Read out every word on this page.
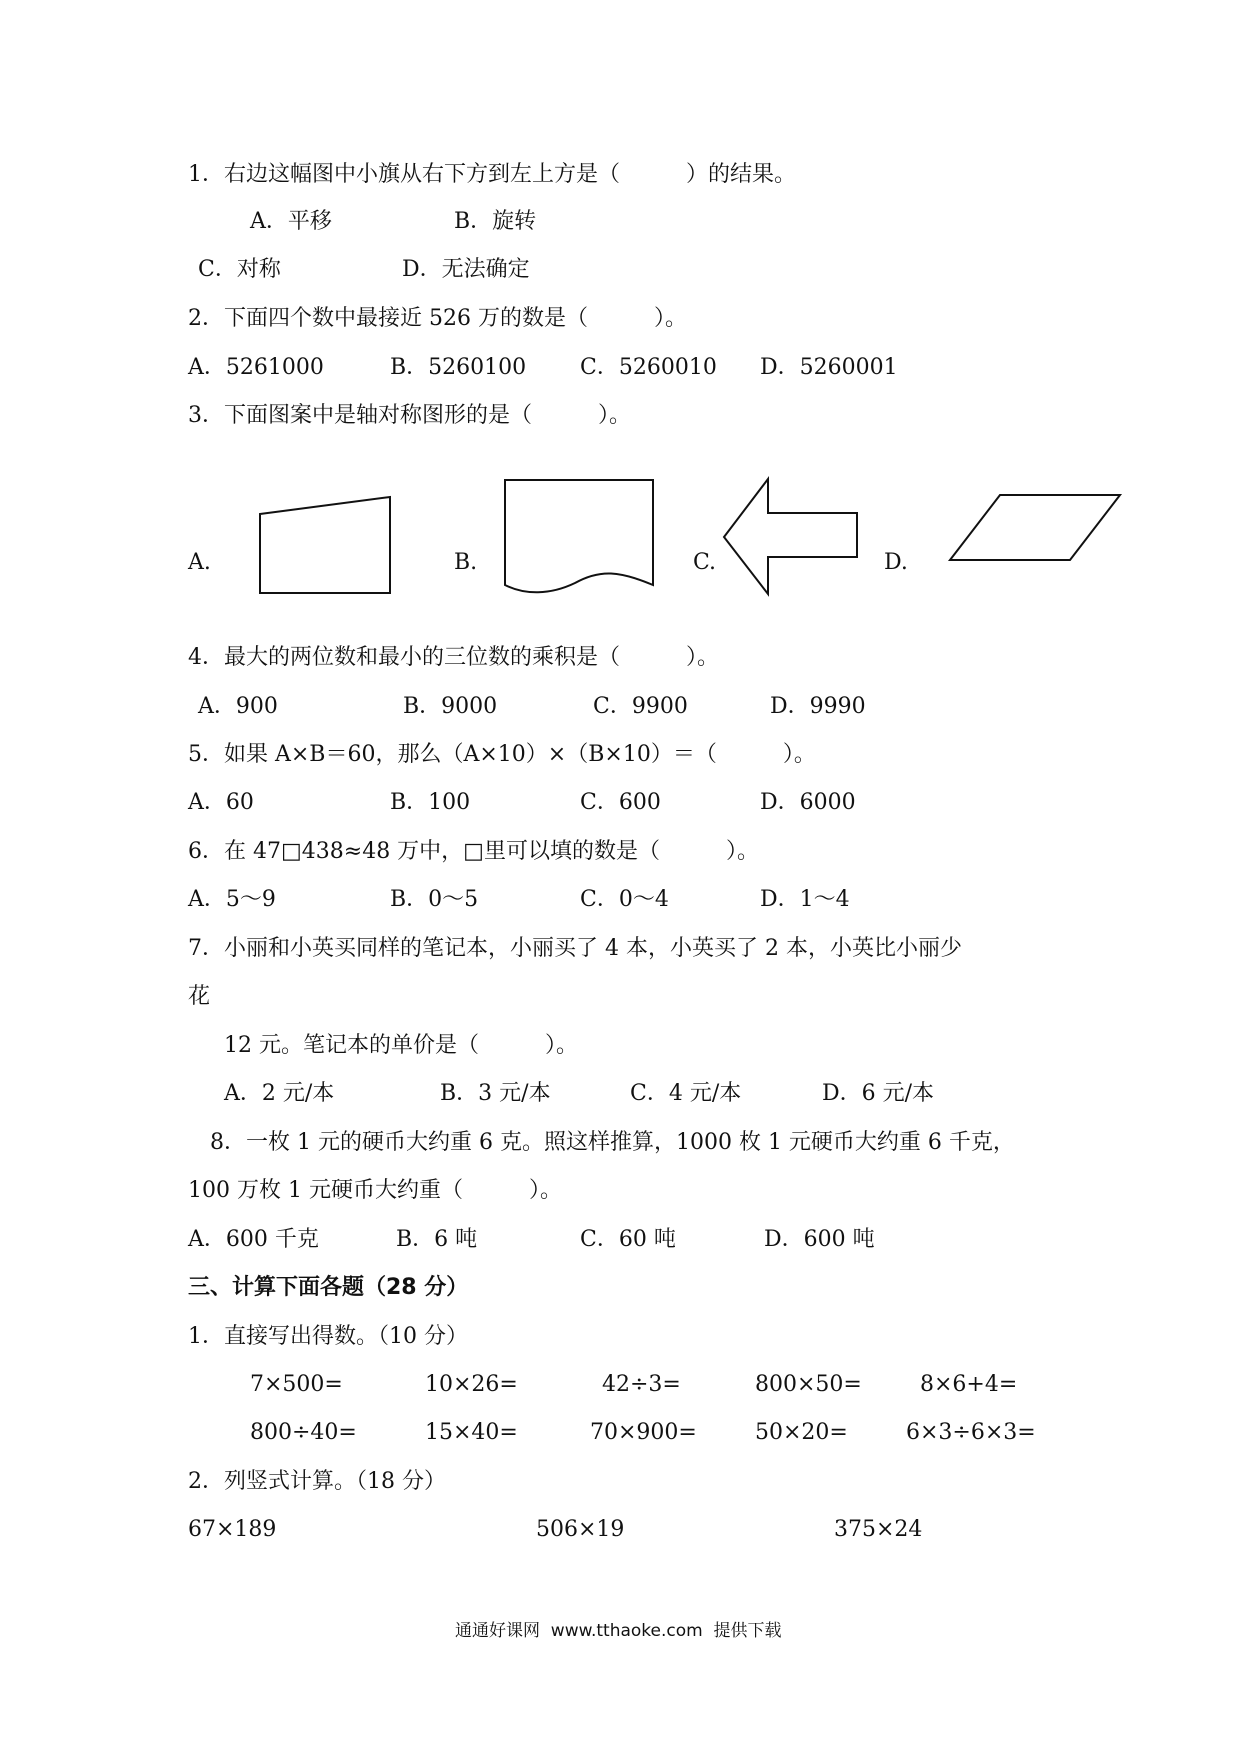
1．右边这幅图中小旗从右下方到左上方是（　　　）的结果。
A．平移	B．旋转
C．对称	D．无法确定
2．下面四个数中最接近 526 万的数是（　　　）。
A．5261000	B．5260100 C．5260010 D．5260001
3．下面图案中是轴对称图形的是（　　　）。
A.	B.	C.	D.
4．最大的两位数和最小的三位数的乘积是（　　　）。
A．900	B．9000	C．9900	D．9990
5．如果 A×B＝60，那么（A×10）×（B×10）＝（　　　）。
A．60	B．100	C．600	D．6000
6．在 47□438≈48 万中，□里可以填的数是（　　　）。
A．5～9	B．0～5	C．0～4	D．1～4
7．小丽和小英买同样的笔记本，小丽买了 4 本，小英买了 2 本，小英比小丽少
花
12 元。笔记本的单价是（　　　）。
A．2 元/本	B．3 元/本	C．4 元/本	D．6 元/本
8．一枚 1 元的硬币大约重 6 克。照这样推算，1000 枚 1 元硬币大约重 6 千克，
100 万枚 1 元硬币大约重（　　　）。
A．600 千克	B．6 吨	C．60 吨	D．600 吨
三、计算下面各题（28 分）
1．直接写出得数。（10 分）
7×500=	10×26=	42÷3=	800×50=	8×6+4=
800÷40=	15×40=	70×900=	50×20=	6×3÷6×3=
2．列竖式计算。（18 分）
67×189	506×19	375×24
通通好课网  www.tthaoke.com  提供下载
